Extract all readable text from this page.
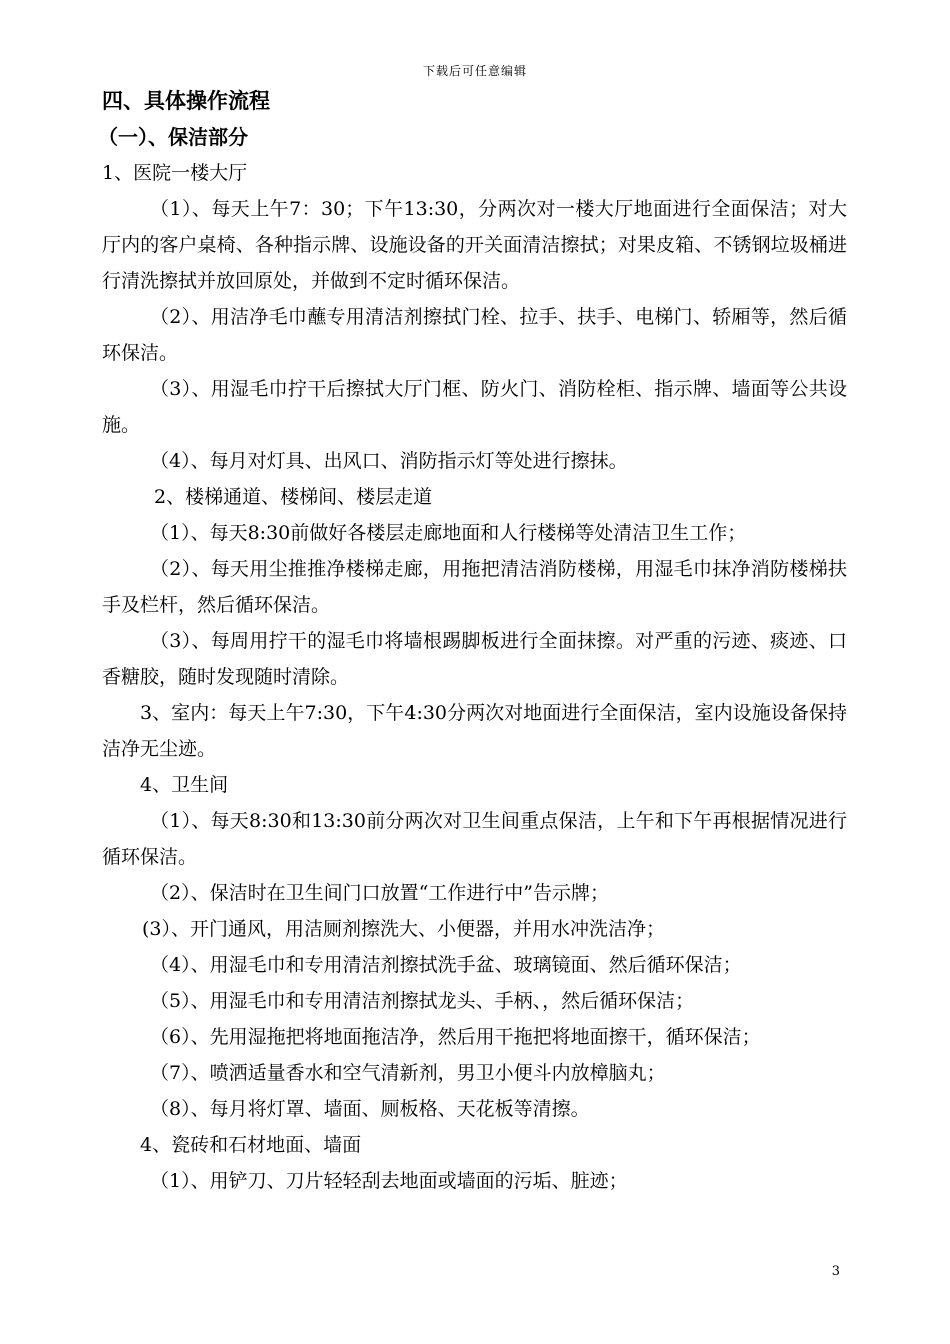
下载后可任意编辑

四、具体操作流程

（一）、保洁部分

1、医院一楼大厅

（1）、每天上午7：30；下午13:30，分两次对一楼大厅地面进行全面保洁；对大厅内的客户桌椅、各种指示牌、设施设备的开关面清洁擦拭；对果皮箱、不锈钢垃圾桶进行清洗擦拭并放回原处，并做到不定时循环保洁。

（2）、用洁净毛巾蘸专用清洁剂擦拭门栓、拉手、扶手、电梯门、轿厢等，然后循环保洁。

（3）、用湿毛巾拧干后擦拭大厅门框、防火门、消防栓柜、指示牌、墙面等公共设施。

（4）、每月对灯具、出风口、消防指示灯等处进行擦抹。

2、楼梯通道、楼梯间、楼层走道

（1）、每天8:30前做好各楼层走廊地面和人行楼梯等处清洁卫生工作；

（2）、每天用尘推推净楼梯走廊，用拖把清洁消防楼梯，用湿毛巾抹净消防楼梯扶手及栏杆，然后循环保洁。

（3）、每周用拧干的湿毛巾将墙根踢脚板进行全面抹擦。对严重的污迹、痰迹、口香糖胶，随时发现随时清除。

3、室内：每天上午7:30，下午4:30分两次对地面进行全面保洁，室内设施设备保持洁净无尘迹。

4、卫生间

（1）、每天8:30和13:30前分两次对卫生间重点保洁，上午和下午再根据情况进行循环保洁。

（2）、保洁时在卫生间门口放置“工作进行中”告示牌；

(3）、开门通风，用洁厕剂擦洗大、小便器，并用水冲洗洁净；

（4）、用湿毛巾和专用清洁剂擦拭洗手盆、玻璃镜面、然后循环保洁；

（5）、用湿毛巾和专用清洁剂擦拭龙头、手柄、，然后循环保洁；

（6）、先用湿拖把将地面拖洁净，然后用干拖把将地面擦干，循环保洁；

（7）、喷洒适量香水和空气清新剂，男卫小便斗内放樟脑丸；

（8）、每月将灯罩、墙面、厕板格、天花板等清擦。

4、瓷砖和石材地面、墙面

（1）、用铲刀、刀片轻轻刮去地面或墙面的污垢、脏迹；

3
